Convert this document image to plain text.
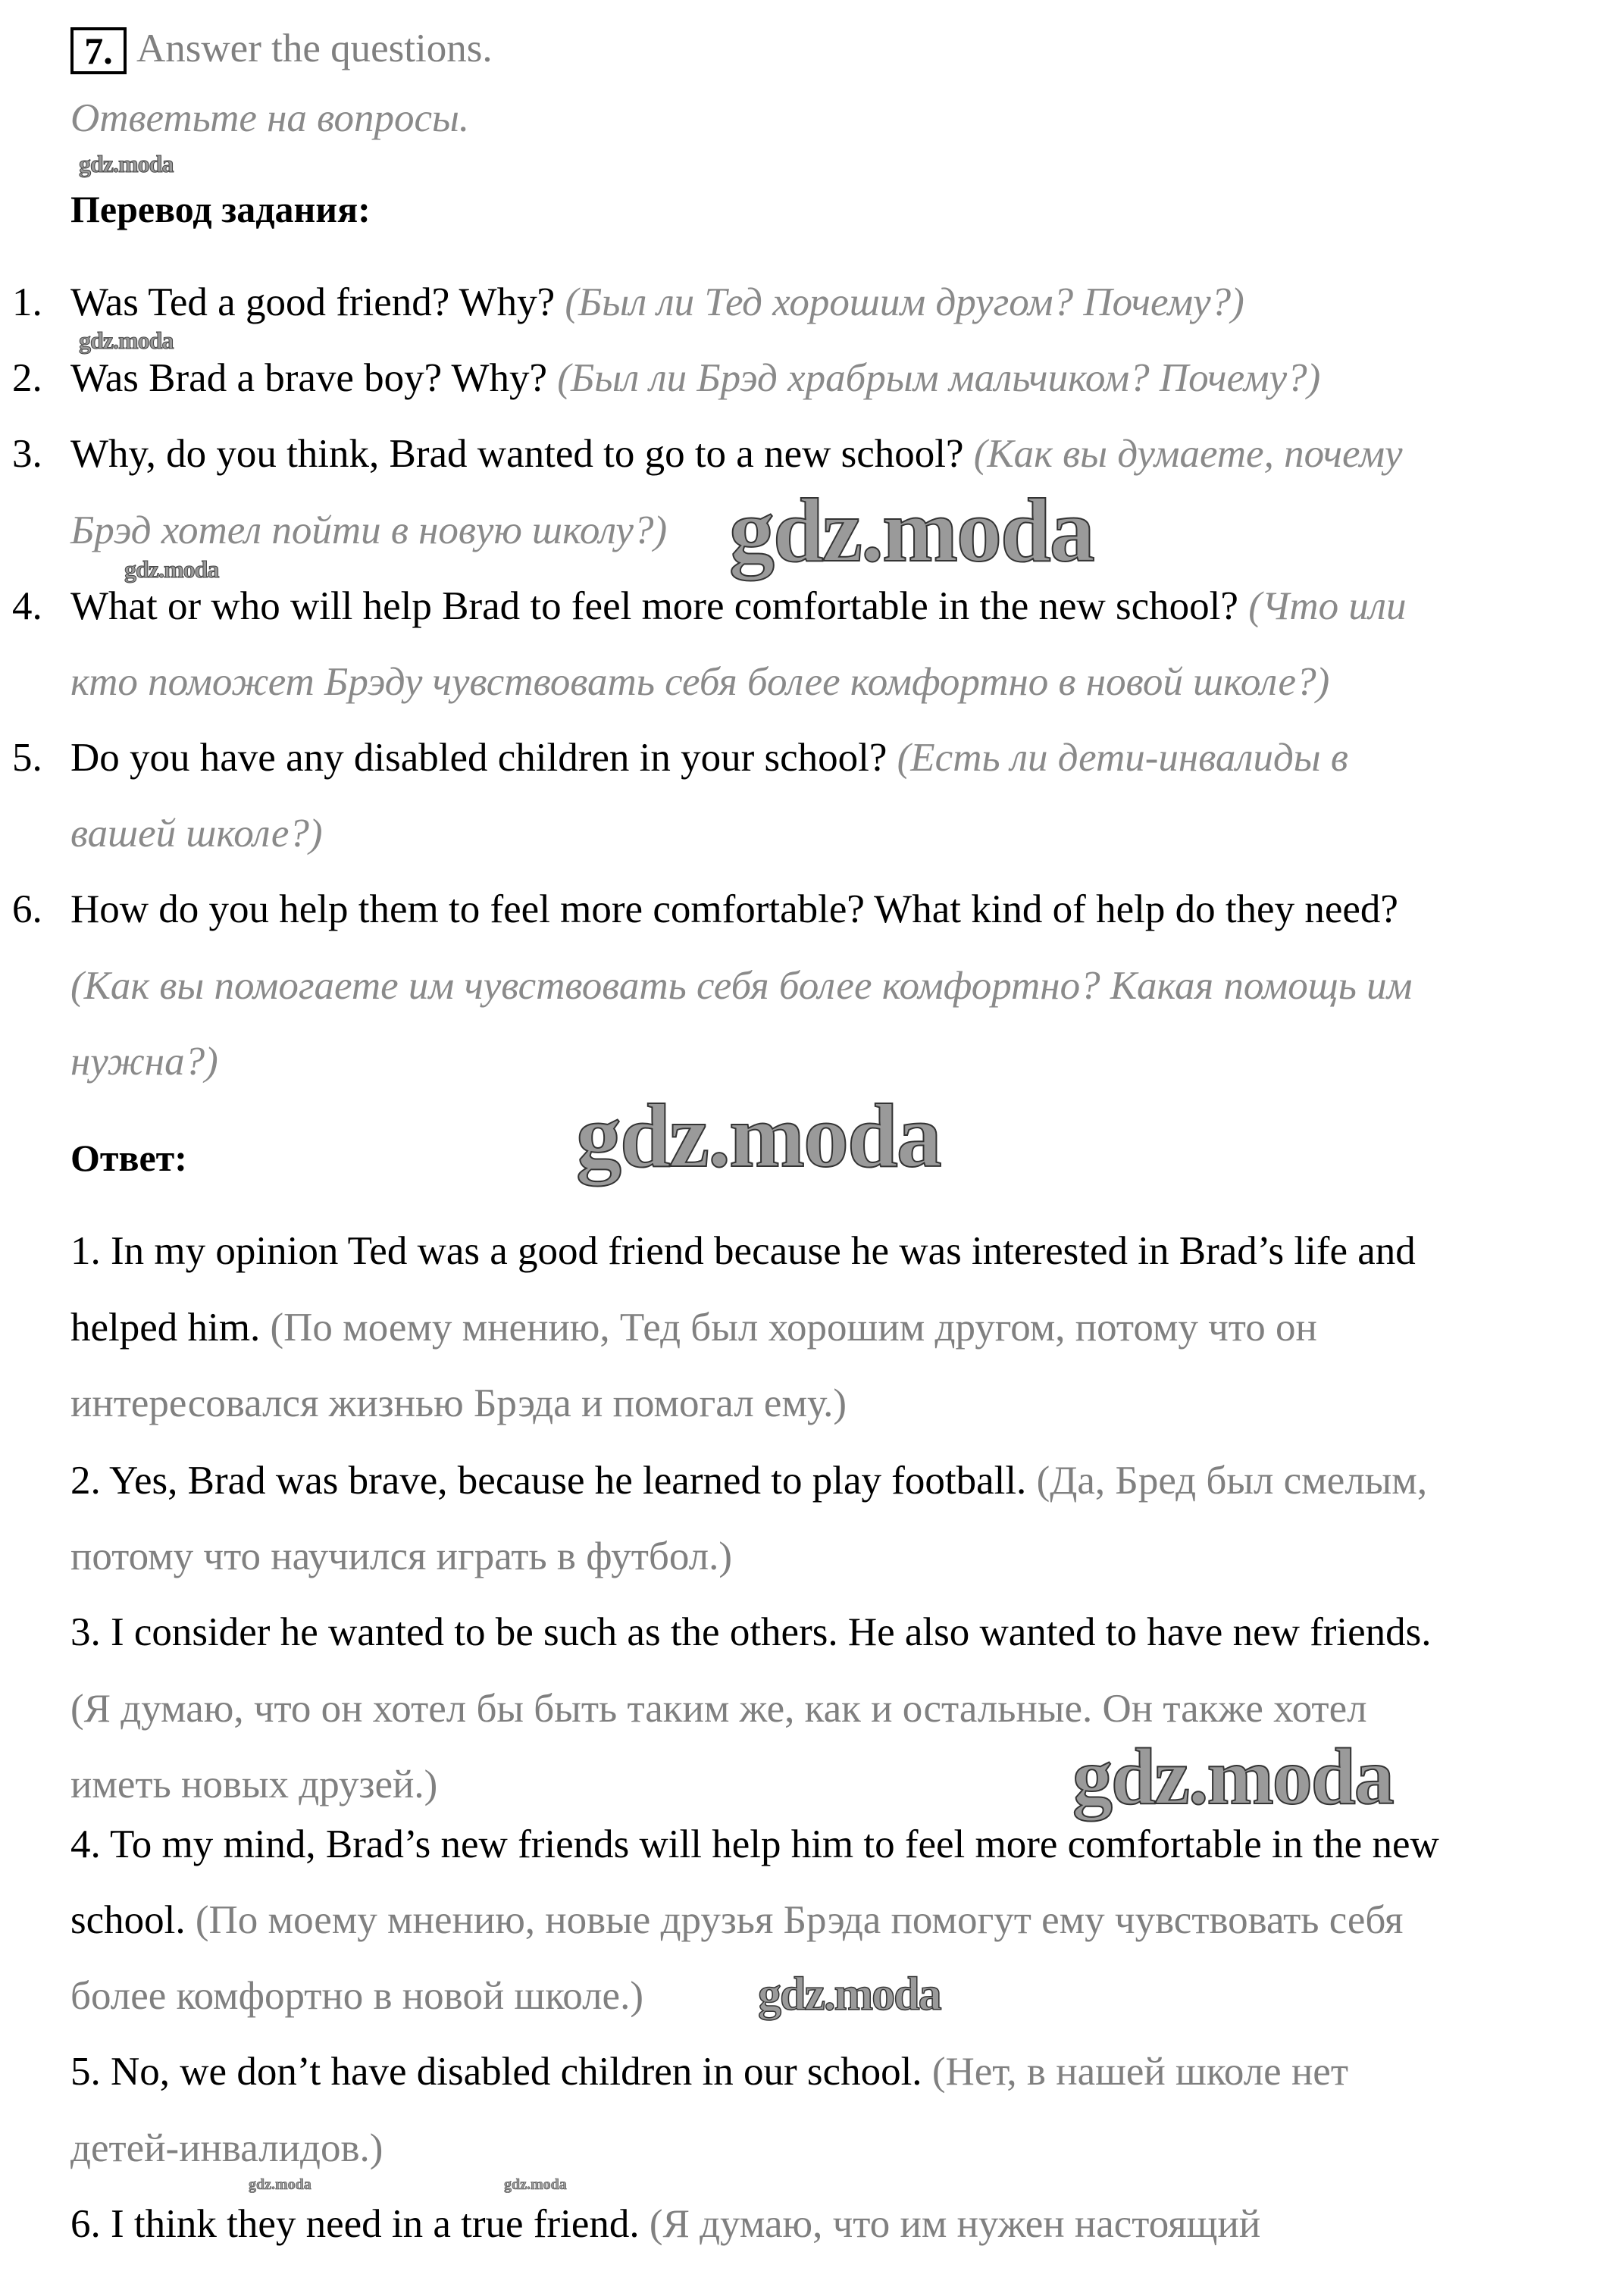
7. Answer the questions.
Ответьте на вопросы.
Перевод задания:
1. Was Ted a good friend? Why? (Был ли Тед хорошим другом? Почему?)
2. Was Brad a brave boy? Why? (Был ли Брэд храбрым мальчиком? Почему?)
3. Why, do you think, Brad wanted to go to a new school? (Как вы думаете, почему
Брэд хотел пойти в новую школу?)
4. What or who will help Brad to feel more comfortable in the new school? (Что или
кто поможет Брэду чувствовать себя более комфортно в новой школе?)
5. Do you have any disabled children in your school? (Есть ли дети-инвалиды в
вашей школе?)
6. How do you help them to feel more comfortable? What kind of help do they need?
(Как вы помогаете им чувствовать себя более комфортно? Какая помощь им
нужна?)
Ответ:
1. In my opinion Ted was a good friend because he was interested in Brad’s life and
helped him. (По моему мнению, Тед был хорошим другом, потому что он
интересовался жизнью Брэда и помогал ему.)
2. Yes, Brad was brave, because he learned to play football. (Да, Бред был смелым,
потому что научился играть в футбол.)
3. I consider he wanted to be such as the others. He also wanted to have new friends.
(Я думаю, что он хотел бы быть таким же, как и остальные. Он также хотел
иметь новых друзей.)
4. To my mind, Brad’s new friends will help him to feel more comfortable in the new
school. (По моему мнению, новые друзья Брэда помогут ему чувствовать себя
более комфортно в новой школе.)
5. No, we don’t have disabled children in our school. (Нет, в нашей школе нет
детей-инвалидов.)
6. I think they need in a true friend. (Я думаю, что им нужен настоящий
gdz.moda
gdz.moda
gdz.moda
gdz.moda
gdz.moda
gdz.moda
gdz.moda
gdz.moda	gdz.moda
